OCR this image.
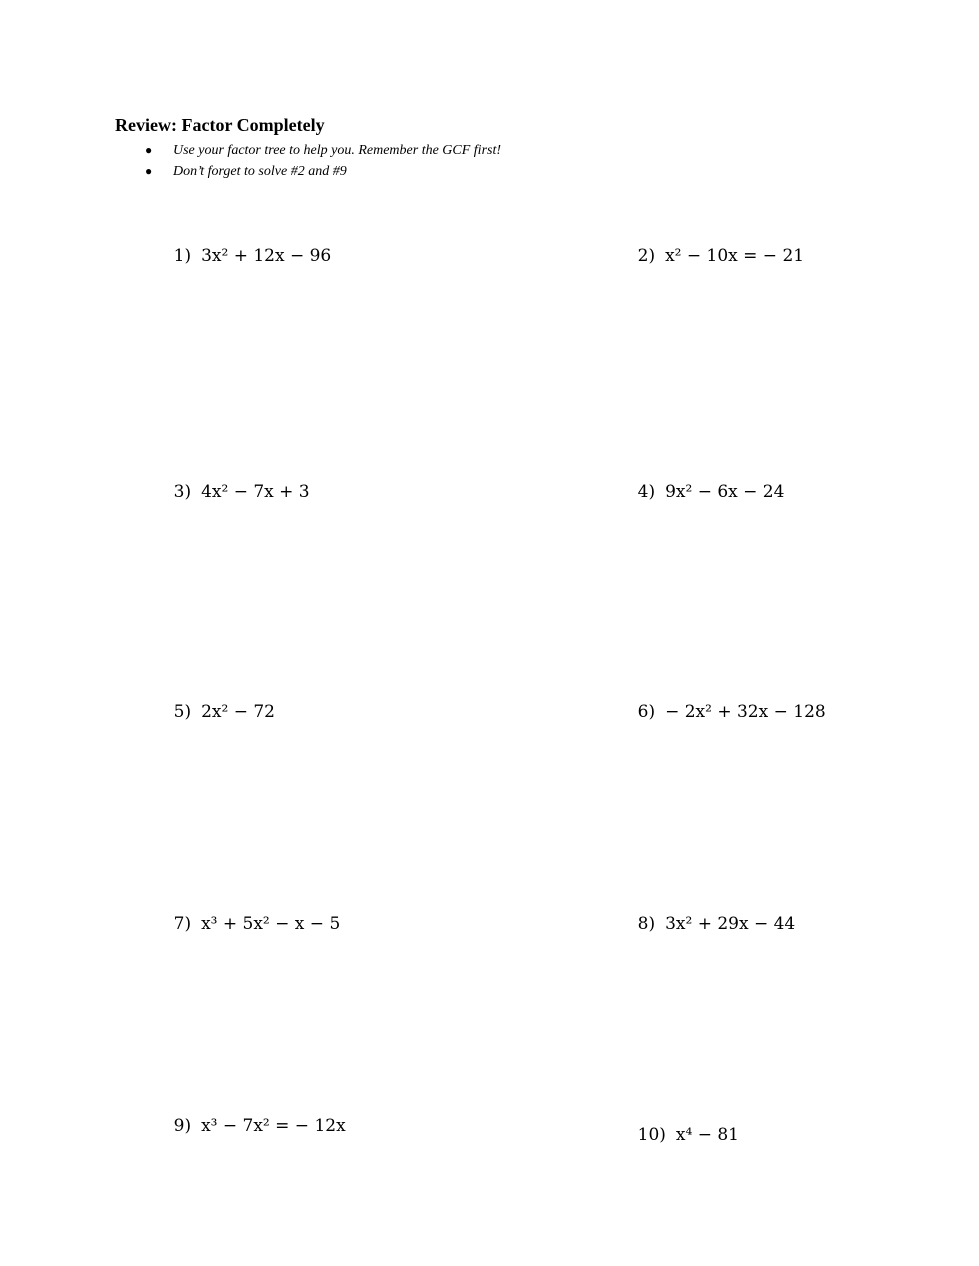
Review: Factor Completely
● Use your factor tree to help you. Remember the GCF first!
● Don’t forget to solve #2 and #9

1) 3x² + 12x − 96
	2) x² − 10x = − 21

3) 4x² − 7x + 3
	4) 9x² − 6x − 24

5) 2x² − 72
	6) − 2x² + 32x − 128

7) x³ + 5x² − x − 5
	8) 3x² + 29x − 44

9) x³ − 7x² = − 12x
	10) x⁴ − 81
